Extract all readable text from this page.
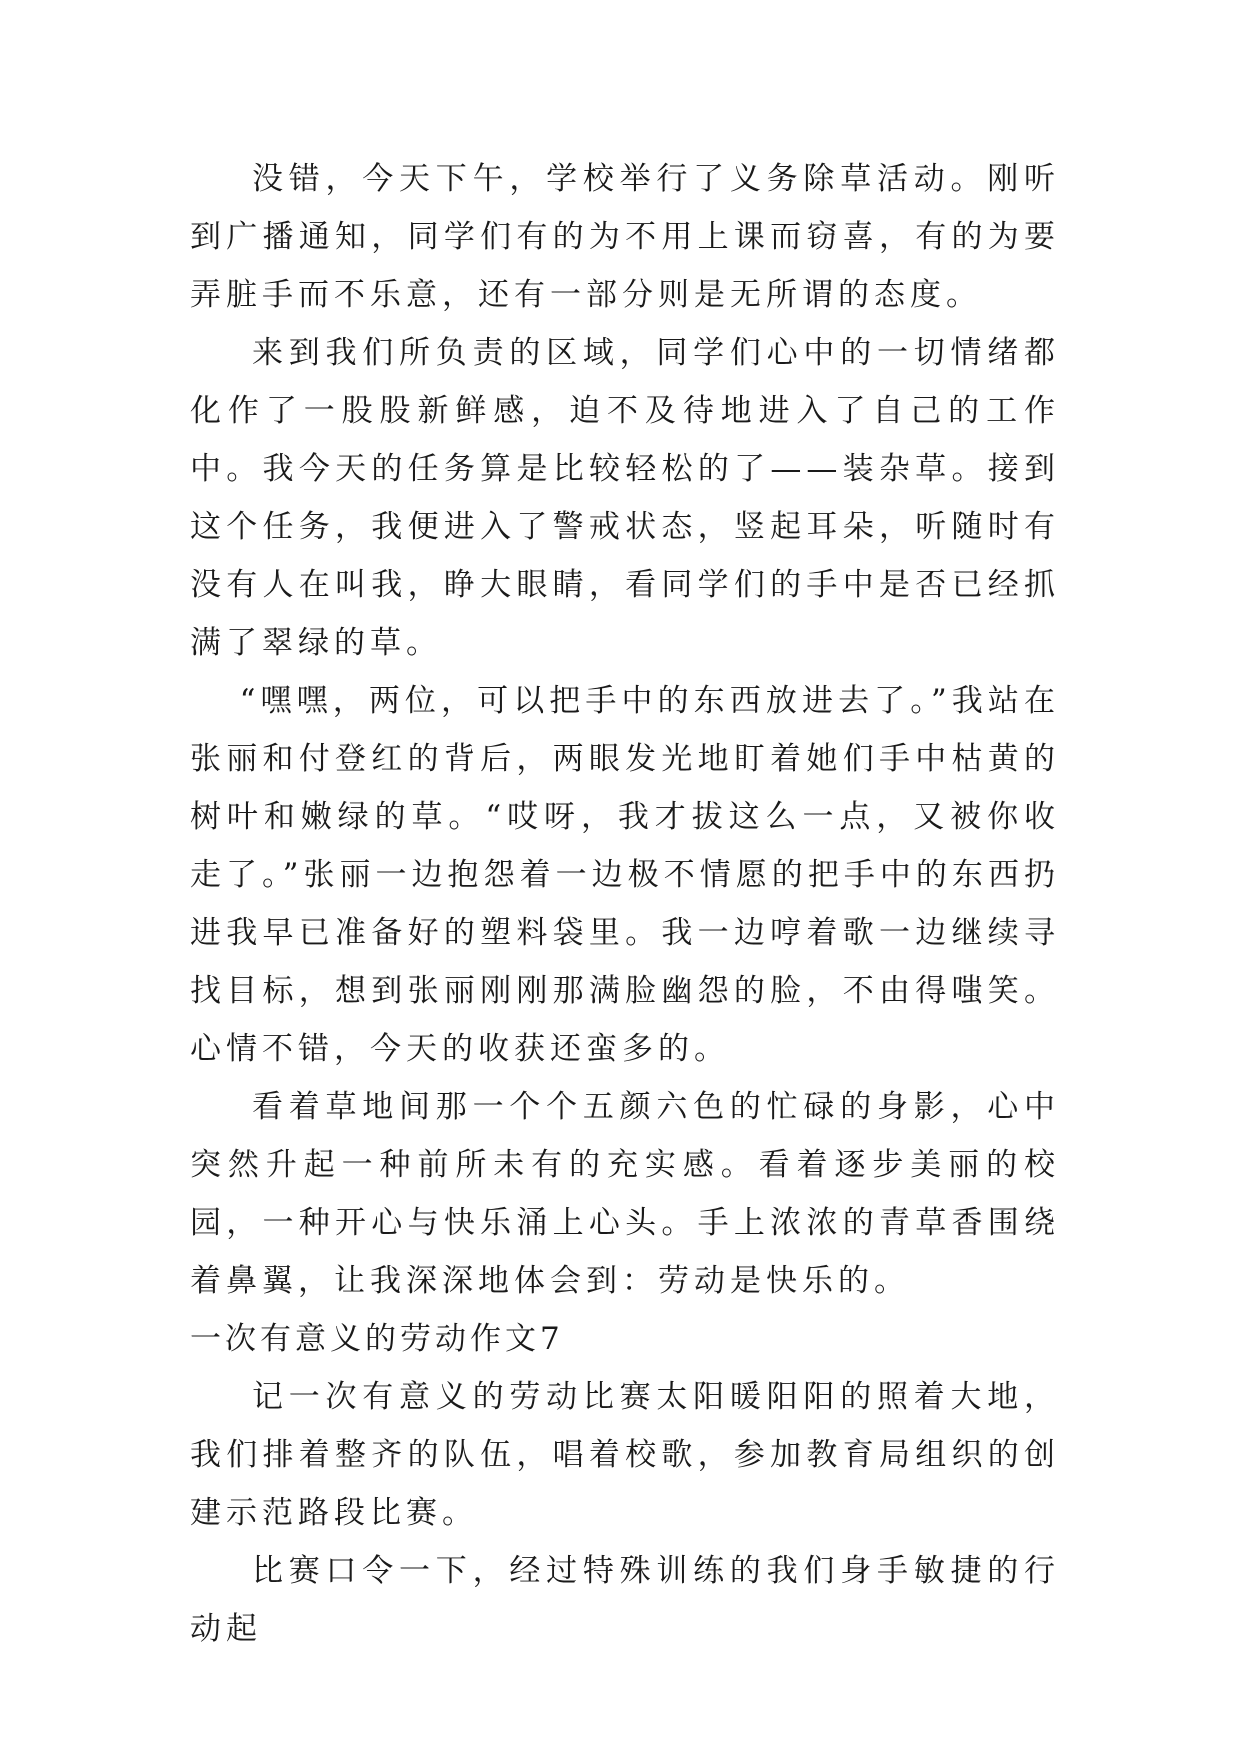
没错，今天下午，学校举行了义务除草活动。刚听到广播通知，同学们有的为不用上课而窃喜，有的为要弄脏手而不乐意，还有一部分则是无所谓的态度。

来到我们所负责的区域，同学们心中的一切情绪都化作了一股股新鲜感，迫不及待地进入了自己的工作中。我今天的任务算是比较轻松的了——装杂草。接到这个任务，我便进入了警戒状态，竖起耳朵，听随时有没有人在叫我，睁大眼睛，看同学们的手中是否已经抓满了翠绿的草。

“嘿嘿，两位，可以把手中的东西放进去了。”我站在张丽和付登红的背后，两眼发光地盯着她们手中枯黄的树叶和嫩绿的草。“哎呀，我才拔这么一点，又被你收走了。”张丽一边抱怨着一边极不情愿的把手中的东西扔进我早已准备好的塑料袋里。我一边哼着歌一边继续寻找目标，想到张丽刚刚那满脸幽怨的脸，不由得嗤笑。心情不错，今天的收获还蛮多的。

看着草地间那一个个五颜六色的忙碌的身影，心中突然升起一种前所未有的充实感。看着逐步美丽的校园，一种开心与快乐涌上心头。手上浓浓的青草香围绕着鼻翼，让我深深地体会到：劳动是快乐的。

一次有意义的劳动作文7

记一次有意义的劳动比赛太阳暖阳阳的照着大地，我们排着整齐的队伍，唱着校歌，参加教育局组织的创建示范路段比赛。

比赛口令一下，经过特殊训练的我们身手敏捷的行动起
